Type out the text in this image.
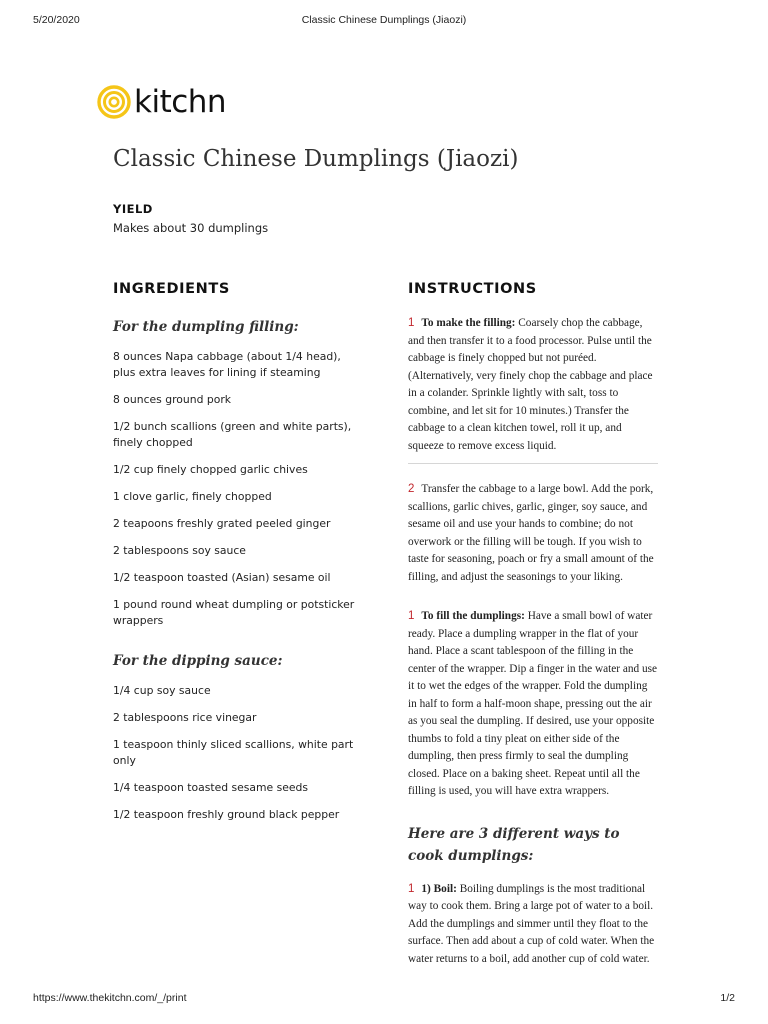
5/20/2020	Classic Chinese Dumplings (Jiaozi)
kitchn
Classic Chinese Dumplings (Jiaozi)
YIELD
Makes about 30 dumplings
INGREDIENTS
For the dumpling filling:
8 ounces Napa cabbage (about 1/4 head), plus extra leaves for lining if steaming
8 ounces ground pork
1/2 bunch scallions (green and white parts), finely chopped
1/2 cup finely chopped garlic chives
1 clove garlic, finely chopped
2 teapoons freshly grated peeled ginger
2 tablespoons soy sauce
1/2 teaspoon toasted (Asian) sesame oil
1 pound round wheat dumpling or potsticker wrappers
For the dipping sauce:
1/4 cup soy sauce
2 tablespoons rice vinegar
1 teaspoon thinly sliced scallions, white part only
1/4 teaspoon toasted sesame seeds
1/2 teaspoon freshly ground black pepper
INSTRUCTIONS

1 To make the filling: Coarsely chop the cabbage, and then transfer it to a food processor. Pulse until the cabbage is finely chopped but not puréed. (Alternatively, very finely chop the cabbage and place in a colander. Sprinkle lightly with salt, toss to combine, and let sit for 10 minutes.) Transfer the cabbage to a clean kitchen towel, roll it up, and squeeze to remove excess liquid.

2 Transfer the cabbage to a large bowl. Add the pork, scallions, garlic chives, garlic, ginger, soy sauce, and sesame oil and use your hands to combine; do not overwork or the filling will be tough. If you wish to taste for seasoning, poach or fry a small amount of the filling, and adjust the seasonings to your liking.

1 To fill the dumplings: Have a small bowl of water ready. Place a dumpling wrapper in the flat of your hand. Place a scant tablespoon of the filling in the center of the wrapper. Dip a finger in the water and use it to wet the edges of the wrapper. Fold the dumpling in half to form a half-moon shape, pressing out the air as you seal the dumpling. If desired, use your opposite thumbs to fold a tiny pleat on either side of the dumpling, then press firmly to seal the dumpling closed. Place on a baking sheet. Repeat until all the filling is used, you will have extra wrappers.

Here are 3 different ways to cook dumplings:

1 1) Boil: Boiling dumplings is the most traditional way to cook them. Bring a large pot of water to a boil. Add the dumplings and simmer until they float to the surface. Then add about a cup of cold water. When the water returns to a boil, add another cup of cold water.

https://www.thekitchn.com/_/print	1/2
